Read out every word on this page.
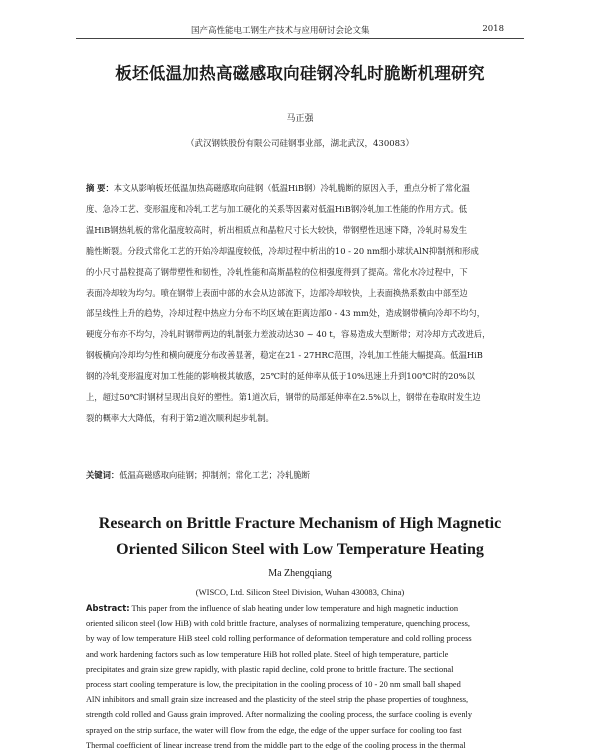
国产高性能电工钢生产技术与应用研讨会论文集	2018
板坯低温加热高磁感取向硅钢冷轧时脆断机理研究
马正强
（武汉钢铁股份有限公司硅钢事业部，湖北武汉，430083）
摘 要：本文从影响板坯低温加热高磁感取向硅钢（低温HiB钢）冷轧脆断的原因入手，重点分析了常化温
度、急冷工艺、变形温度和冷轧工艺与加工硬化的关系等因素对低温HiB钢冷轧加工性能的作用方式。低
温HiB钢热轧板的常化温度较高时，析出相质点和晶粒尺寸长大较快，带钢塑性迅速下降，冷轧时易发生
脆性断裂。分段式常化工艺的开始冷却温度较低，冷却过程中析出的10 - 20 nm细小球状AlN抑制剂和形成
的小尺寸晶粒提高了钢带塑性和韧性，冷轧性能和高斯晶粒的位相强度得到了提高。常化水冷过程中，下
表面冷却较为均匀。喷在钢带上表面中部的水会从边部流下，边部冷却较快，上表面换热系数由中部至边
部呈线性上升的趋势，冷却过程中热应力分布不均区域在距离边部0 - 43 mm处，造成钢带横向冷却不均匀，
硬度分布亦不均匀，冷轧时钢带两边的轧制张力差波动达30 ~ 40 t，容易造成大型断带；对冷却方式改进后，
钢板横向冷却均匀性和横向硬度分布改善显著，稳定在21 - 27HRC范围，冷轧加工性能大幅提高。低温HiB
钢的冷轧变形温度对加工性能的影响极其敏感，25℃时的延伸率从低于10%迅速上升到100℃时的20%以
上，超过50℃时钢材呈现出良好的塑性。第1道次后，钢带的局部延伸率在2.5%以上，钢带在卷取时发生边
裂的概率大大降低，有利于第2道次顺利起步轧制。
关键词：低温高磁感取向硅钢；抑制剂；常化工艺；冷轧脆断
Research on Brittle Fracture Mechanism of High Magnetic
Oriented Silicon Steel with Low Temperature Heating
Ma Zhengqiang
(WISCO, Ltd. Silicon Steel Division, Wuhan 430083, China)
Abstract: This paper from the influence of slab heating under low temperature and high magnetic induction
oriented silicon steel (low HiB) with cold brittle fracture, analyses of normalizing temperature, quenching process,
by way of low temperature HiB steel cold rolling performance of deformation temperature and cold rolling process
and work hardening factors such as low temperature HiB hot rolled plate. Steel of high temperature, particle
precipitates and grain size grew rapidly, with plastic rapid decline, cold prone to brittle fracture. The sectional
process start cooling temperature is low, the precipitation in the cooling process of 10 - 20 nm small ball shaped
AlN inhibitors and small grain size increased and the plasticity of the steel strip the phase properties of toughness,
strength cold rolled and Gauss grain improved. After normalizing the cooling process, the surface cooling is evenly
sprayed on the strip surface, the water will flow from the edge, the edge of the upper surface for cooling too fast
Thermal coefficient of linear increase trend from the middle part to the edge of the cooling process in the thermal
